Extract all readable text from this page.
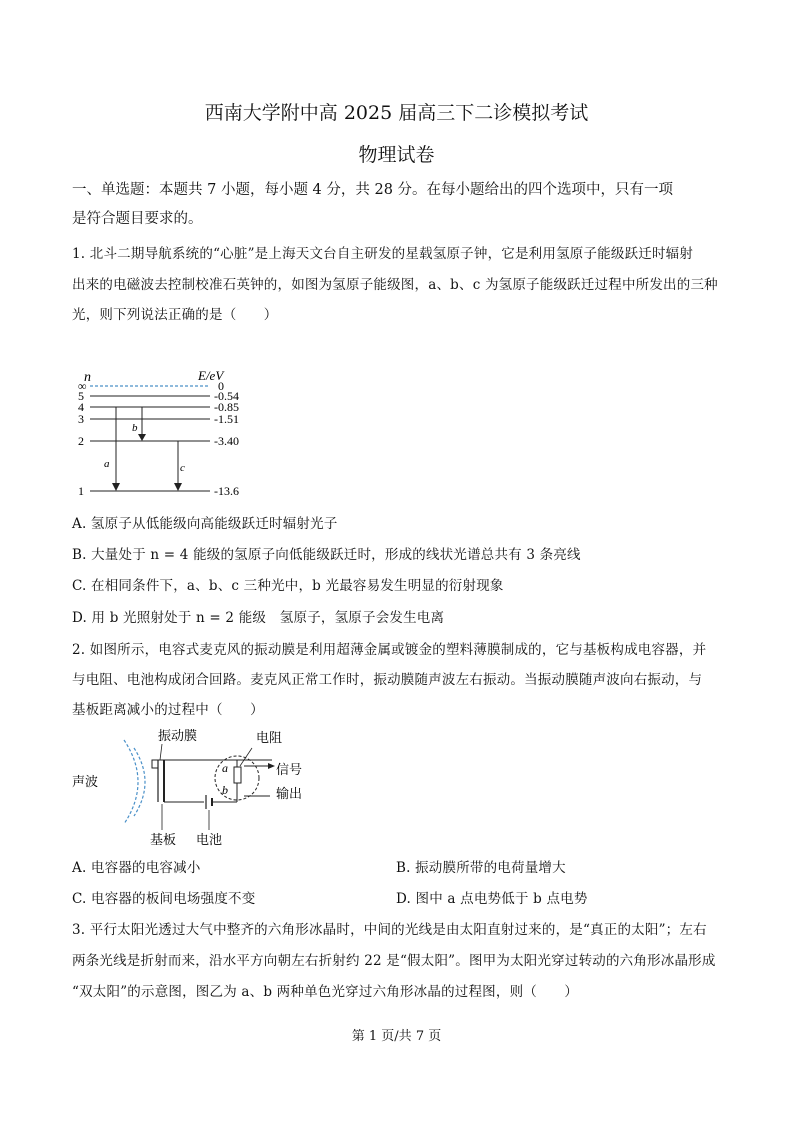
西南大学附中高 2025 届高三下二诊模拟考试
物理试卷
一、单选题：本题共 7 小题，每小题 4 分，共 28 分。在每小题给出的四个选项中，只有一项
是符合题目要求的。
1. 北斗二期导航系统的“心脏”是上海天文台自主研发的星载氢原子钟，它是利用氢原子能级跃迁时辐射
出来的电磁波去控制校准石英钟的，如图为氢原子能级图，a、b、c 为氢原子能级跃迁过程中所发出的三种
光，则下列说法正确的是（　　）
n	E/eV
∞	0
5	-0.54
4	-0.85
3	-1.51
2	-3.40
1	-13.6
a
b
c
A. 氢原子从低能级向高能级跃迁时辐射光子
B. 大量处于 n = 4 能级的氢原子向低能级跃迁时，形成的线状光谱总共有 3 条亮线
C. 在相同条件下，a、b、c 三种光中，b 光最容易发生明显的衍射现象
D. 用 b 光照射处于 n = 2 能级　氢原子，氢原子会发生电离
2. 如图所示，电容式麦克风的振动膜是利用超薄金属或镀金的塑料薄膜制成的，它与基板构成电容器，并
与电阻、电池构成闭合回路。麦克风正常工作时，振动膜随声波左右振动。当振动膜随声波向右振动，与
基板距离减小的过程中（　　）
声波
振动膜	电阻
a
b
信号
输出
基板 电池
A. 电容器的电容减小	B. 振动膜所带的电荷量增大
C. 电容器的板间电场强度不变	D. 图中 a 点电势低于 b 点电势
3. 平行太阳光透过大气中整齐的六角形冰晶时，中间的光线是由太阳直射过来的，是“真正的太阳”；左右
两条光线是折射而来，沿水平方向朝左右折射约 22 是“假太阳”。图甲为太阳光穿过转动的六角形冰晶形成
“双太阳”的示意图，图乙为 a、b 两种单色光穿过六角形冰晶的过程图，则（　　）
第 1 页/共 7 页
